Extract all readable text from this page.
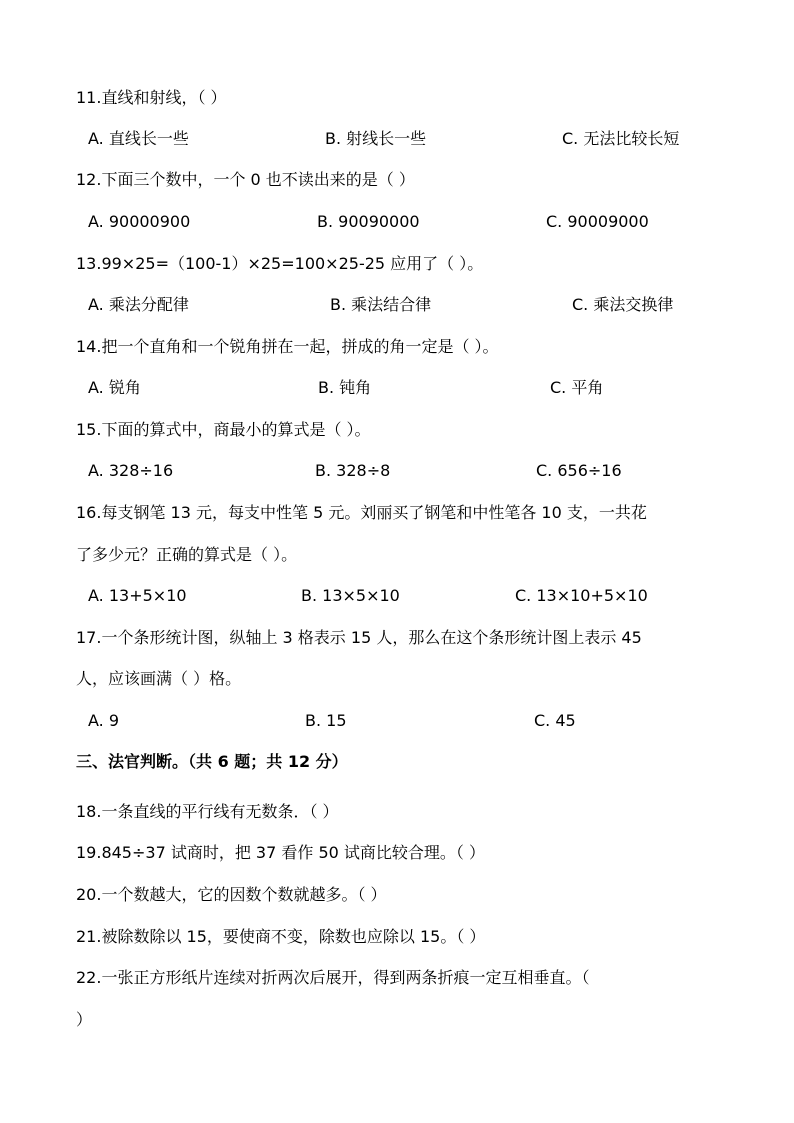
11.直线和射线，（ ）
A. 直线长一些	B. 射线长一些	C. 无法比较长短
12.下面三个数中，一个 0 也不读出来的是（ ）
A. 90000900	B. 90090000	C. 90009000
13.99×25=（100-1）×25=100×25-25 应用了（ ）。
A. 乘法分配律	B. 乘法结合律	C. 乘法交换律
14.把一个直角和一个锐角拼在一起，拼成的角一定是（ ）。
A. 锐角	B. 钝角	C. 平角
15.下面的算式中，商最小的算式是（ ）。
A. 328÷16	B. 328÷8	C. 656÷16
16.每支钢笔 13 元，每支中性笔 5 元。刘丽买了钢笔和中性笔各 10 支，一共花
了多少元？正确的算式是（ ）。
A. 13+5×10	B. 13×5×10	C. 13×10+5×10
17.一个条形统计图，纵轴上 3 格表示 15 人，那么在这个条形统计图上表示 45
人，应该画满（ ）格。
A. 9	B. 15	C. 45
三、法官判断。（共 6 题；共 12 分）
18.一条直线的平行线有无数条．（ ）
19.845÷37 试商时，把 37 看作 50 试商比较合理。（ ）
20.一个数越大，它的因数个数就越多。（ ）
21.被除数除以 15，要使商不变，除数也应除以 15。（ ）
22.一张正方形纸片连续对折两次后展开，得到两条折痕一定互相垂直。（
）
